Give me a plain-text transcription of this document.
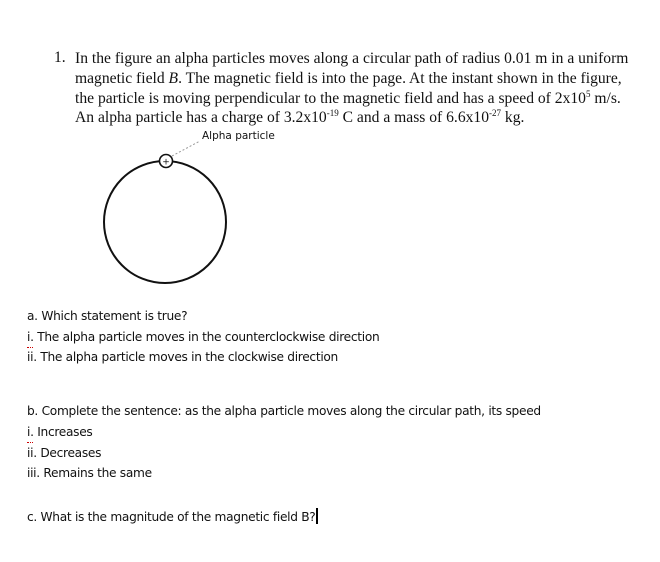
1. In the figure an alpha particles moves along a circular path of radius 0.01 m in a uniform
magnetic field B. The magnetic field is into the page. At the instant shown in the figure,
the particle is moving perpendicular to the magnetic field and has a speed of $2x10^5$ m/s.
An alpha particle has a charge of $3.2x10^{-19}$ C and a mass of $6.6x10^{-27}$ kg.
Alpha particle
+
a. Which statement is true?
i. The alpha particle moves in the counterclockwise direction
ii. The alpha particle moves in the clockwise direction
b. Complete the sentence: as the alpha particle moves along the circular path, its speed
i. Increases
ii. Decreases
iii. Remains the same
c. What is the magnitude of the magnetic field B?
